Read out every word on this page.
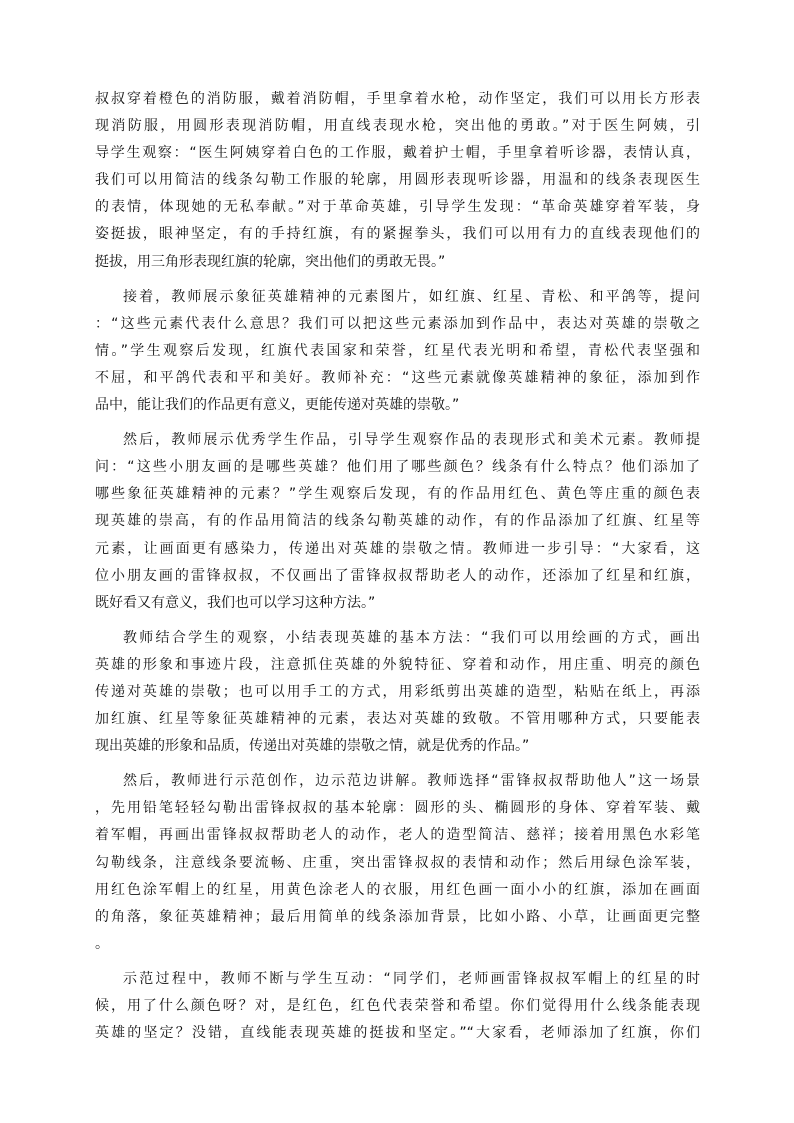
叔叔穿着橙色的消防服，戴着消防帽，手里拿着水枪，动作坚定，我们可以用长方形表
现消防服，用圆形表现消防帽，用直线表现水枪，突出他的勇敢。”对于医生阿姨，引
导学生观察：“医生阿姨穿着白色的工作服，戴着护士帽，手里拿着听诊器，表情认真，
我们可以用简洁的线条勾勒工作服的轮廓，用圆形表现听诊器，用温和的线条表现医生
的表情，体现她的无私奉献。”对于革命英雄，引导学生发现：“革命英雄穿着军装，身
姿挺拔，眼神坚定，有的手持红旗，有的紧握拳头，我们可以用有力的直线表现他们的
挺拔，用三角形表现红旗的轮廓，突出他们的勇敢无畏。”
接着，教师展示象征英雄精神的元素图片，如红旗、红星、青松、和平鸽等，提问
：“这些元素代表什么意思？我们可以把这些元素添加到作品中，表达对英雄的崇敬之
情。”学生观察后发现，红旗代表国家和荣誉，红星代表光明和希望，青松代表坚强和
不屈，和平鸽代表和平和美好。教师补充：“这些元素就像英雄精神的象征，添加到作
品中，能让我们的作品更有意义，更能传递对英雄的崇敬。”
然后，教师展示优秀学生作品，引导学生观察作品的表现形式和美术元素。教师提
问：“这些小朋友画的是哪些英雄？他们用了哪些颜色？线条有什么特点？他们添加了
哪些象征英雄精神的元素？”学生观察后发现，有的作品用红色、黄色等庄重的颜色表
现英雄的崇高，有的作品用简洁的线条勾勒英雄的动作，有的作品添加了红旗、红星等
元素，让画面更有感染力，传递出对英雄的崇敬之情。教师进一步引导：“大家看，这
位小朋友画的雷锋叔叔，不仅画出了雷锋叔叔帮助老人的动作，还添加了红星和红旗，
既好看又有意义，我们也可以学习这种方法。”
教师结合学生的观察，小结表现英雄的基本方法：“我们可以用绘画的方式，画出
英雄的形象和事迹片段，注意抓住英雄的外貌特征、穿着和动作，用庄重、明亮的颜色
传递对英雄的崇敬；也可以用手工的方式，用彩纸剪出英雄的造型，粘贴在纸上，再添
加红旗、红星等象征英雄精神的元素，表达对英雄的致敬。不管用哪种方式，只要能表
现出英雄的形象和品质，传递出对英雄的崇敬之情，就是优秀的作品。”
然后，教师进行示范创作，边示范边讲解。教师选择“雷锋叔叔帮助他人”这一场景
，先用铅笔轻轻勾勒出雷锋叔叔的基本轮廓：圆形的头、椭圆形的身体、穿着军装、戴
着军帽，再画出雷锋叔叔帮助老人的动作，老人的造型简洁、慈祥；接着用黑色水彩笔
勾勒线条，注意线条要流畅、庄重，突出雷锋叔叔的表情和动作；然后用绿色涂军装，
用红色涂军帽上的红星，用黄色涂老人的衣服，用红色画一面小小的红旗，添加在画面
的角落，象征英雄精神；最后用简单的线条添加背景，比如小路、小草，让画面更完整
。
示范过程中，教师不断与学生互动：“同学们，老师画雷锋叔叔军帽上的红星的时
候，用了什么颜色呀？对，是红色，红色代表荣誉和希望。你们觉得用什么线条能表现
英雄的坚定？没错，直线能表现英雄的挺拔和坚定。”“大家看，老师添加了红旗，你们
